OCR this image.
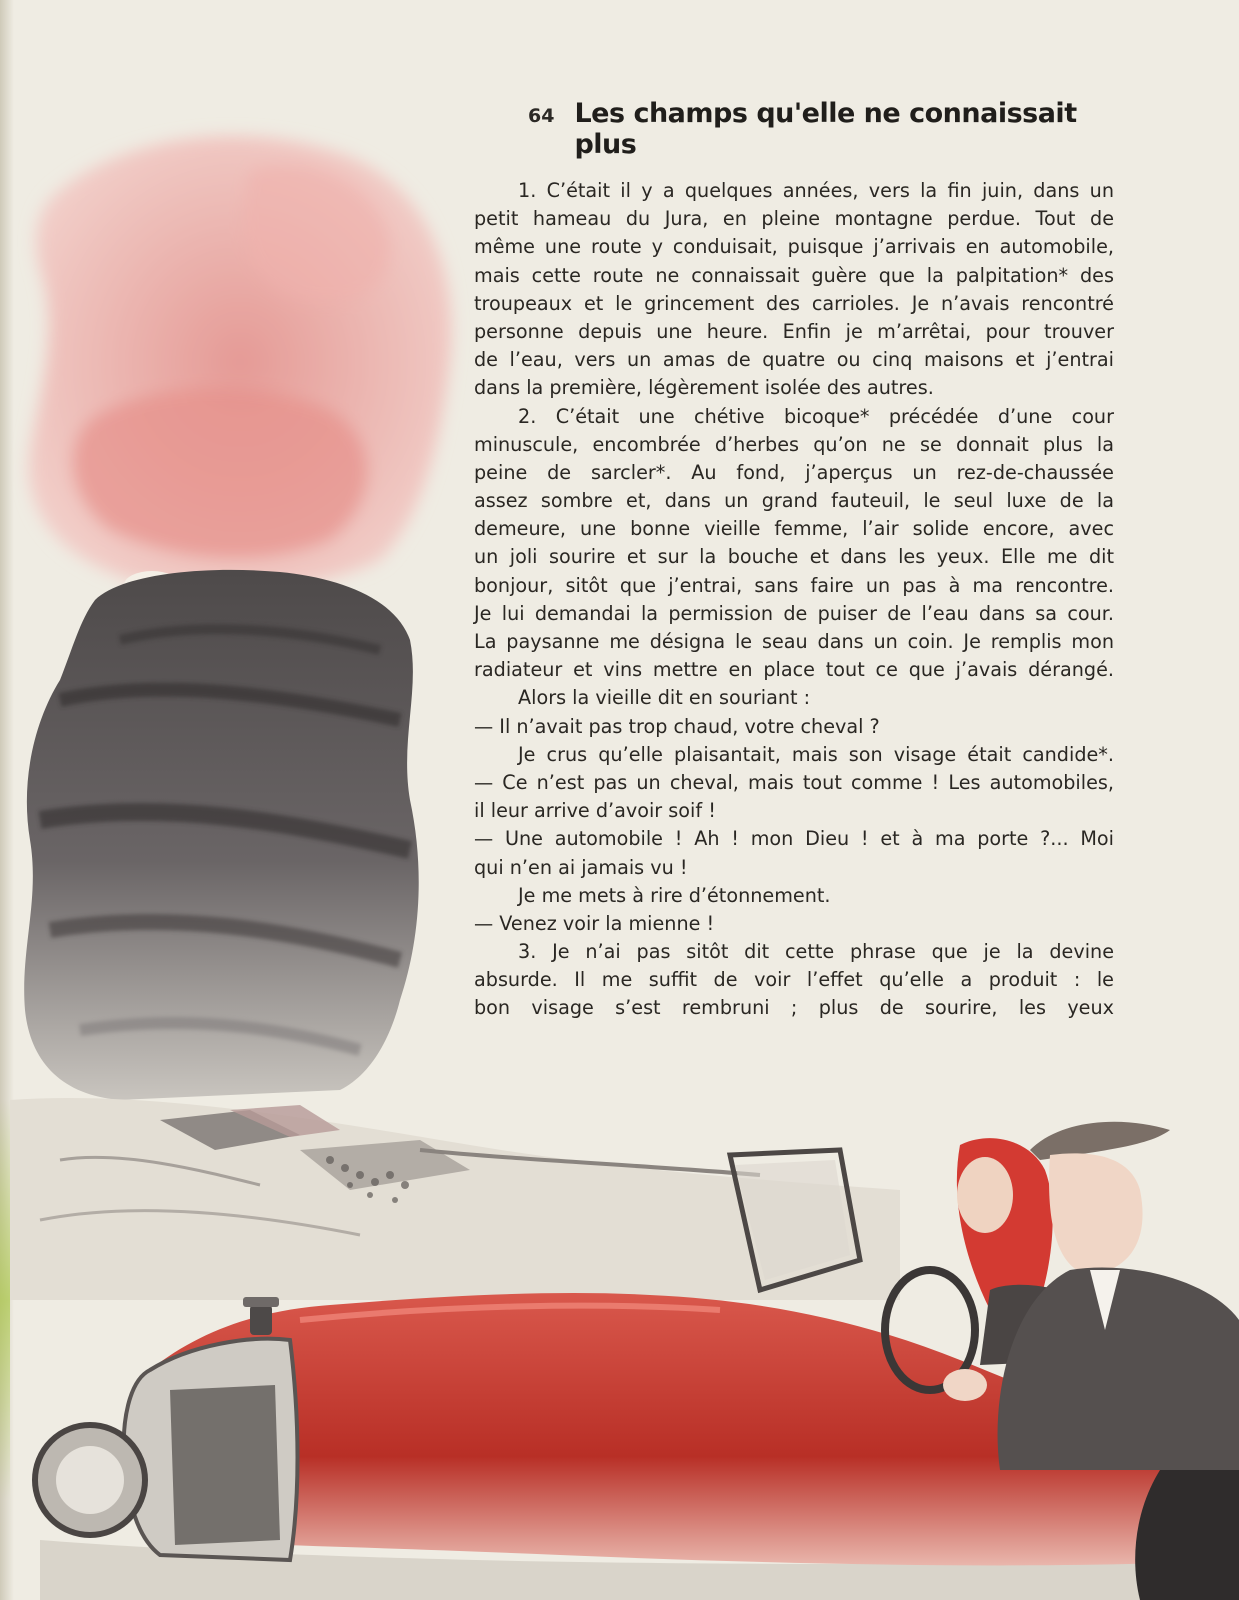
64 Les champs qu'elle ne connaissait plus
1. C’était il y a quelques années, vers la fin juin, dans un
petit hameau du Jura, en pleine montagne perdue. Tout de
même une route y conduisait, puisque j’arrivais en automobile,
mais cette route ne connaissait guère que la palpitation* des
troupeaux et le grincement des carrioles. Je n’avais rencontré
personne depuis une heure. Enfin je m’arrêtai, pour trouver
de l’eau, vers un amas de quatre ou cinq maisons et j’entrai
dans la première, légèrement isolée des autres.
2. C’était une chétive bicoque* précédée d’une cour
minuscule, encombrée d’herbes qu’on ne se donnait plus la
peine de sarcler*. Au fond, j’aperçus un rez-de-chaussée
assez sombre et, dans un grand fauteuil, le seul luxe de la
demeure, une bonne vieille femme, l’air solide encore, avec
un joli sourire et sur la bouche et dans les yeux. Elle me dit
bonjour, sitôt que j’entrai, sans faire un pas à ma rencontre.
Je lui demandai la permission de puiser de l’eau dans sa cour.
La paysanne me désigna le seau dans un coin. Je remplis mon
radiateur et vins mettre en place tout ce que j’avais dérangé.
Alors la vieille dit en souriant :
— Il n’avait pas trop chaud, votre cheval ?
Je crus qu’elle plaisantait, mais son visage était candide*.
— Ce n’est pas un cheval, mais tout comme ! Les automobiles,
il leur arrive d’avoir soif !
— Une automobile ! Ah ! mon Dieu ! et à ma porte ?... Moi
qui n’en ai jamais vu !
Je me mets à rire d’étonnement.
— Venez voir la mienne !
3. Je n’ai pas sitôt dit cette phrase que je la devine
absurde. Il me suffit de voir l’effet qu’elle a produit : le
bon visage s’est rembruni ; plus de sourire, les yeux
